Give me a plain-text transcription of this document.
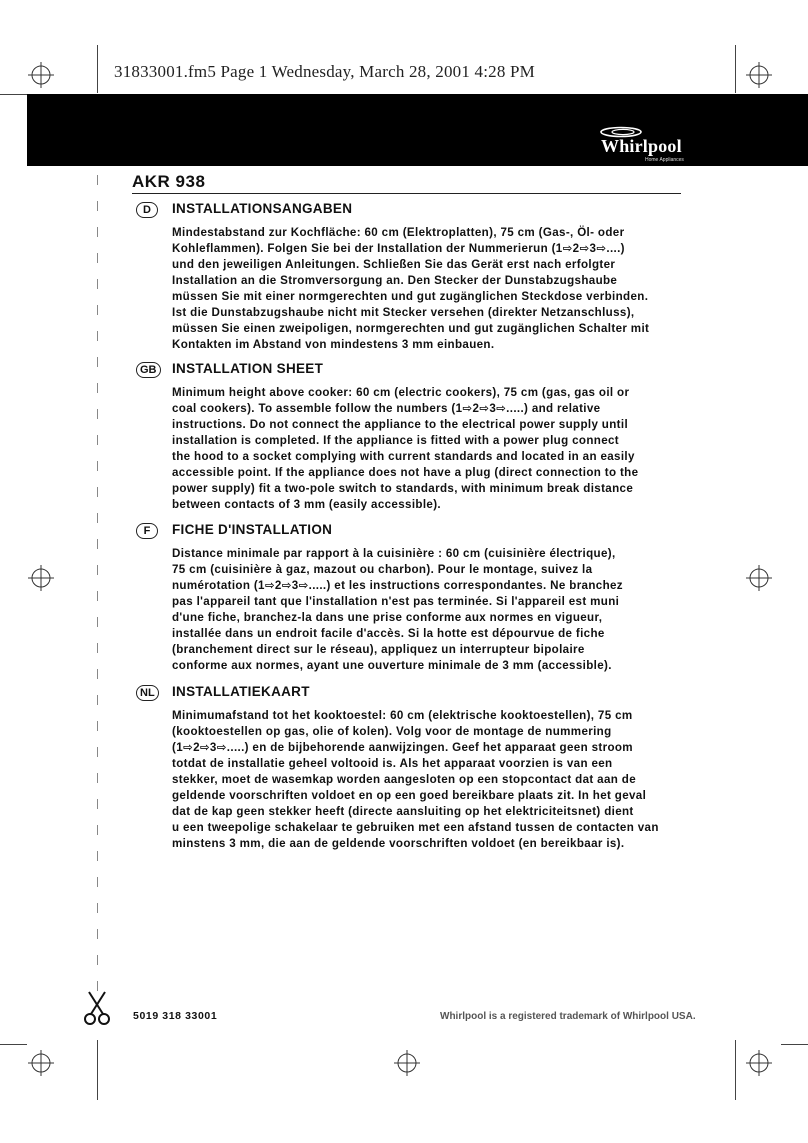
31833001.fm5 Page 1 Wednesday, March 28, 2001 4:28 PM
Whirlpool
Home Appliances
AKR 938
D	INSTALLATIONSANGABEN
Mindestabstand zur Kochfläche: 60 cm (Elektroplatten), 75 cm (Gas-, Öl- oder
Kohleflammen). Folgen Sie bei der Installation der Nummerierun (1⇨2⇨3⇨....)
und den jeweiligen Anleitungen. Schließen Sie das Gerät erst nach erfolgter
Installation an die Stromversorgung an. Den Stecker der Dunstabzugshaube
müssen Sie mit einer normgerechten und gut zugänglichen Steckdose verbinden.
Ist die Dunstabzugshaube nicht mit Stecker versehen (direkter Netzanschluss),
müssen Sie einen zweipoligen, normgerechten und gut zugänglichen Schalter mit
Kontakten im Abstand von mindestens 3 mm einbauen.
GB INSTALLATION SHEET
Minimum height above cooker: 60 cm (electric cookers), 75 cm (gas, gas oil or
coal cookers). To assemble follow the numbers (1⇨2⇨3⇨.....) and relative
instructions. Do not connect the appliance to the electrical power supply until
installation is completed. If the appliance is fitted with a power plug connect
the hood to a socket complying with current standards and located in an easily
accessible point. If the appliance does not have a plug (direct connection to the
power supply) fit a two-pole switch to standards, with minimum break distance
between contacts of 3 mm (easily accessible).
F	FICHE D'INSTALLATION
Distance minimale par rapport à la cuisinière : 60 cm (cuisinière électrique),
75 cm (cuisinière à gaz, mazout ou charbon). Pour le montage, suivez la
numérotation (1⇨2⇨3⇨.....) et les instructions correspondantes. Ne branchez
pas l'appareil tant que l'installation n'est pas terminée. Si l'appareil est muni
d'une fiche, branchez-la dans une prise conforme aux normes en vigueur,
installée dans un endroit facile d'accès. Si la hotte est dépourvue de fiche
(branchement direct sur le réseau), appliquez un interrupteur bipolaire
conforme aux normes, ayant une ouverture minimale de 3 mm (accessible).
NL INSTALLATIEKAART
Minimumafstand tot het kooktoestel: 60 cm (elektrische kooktoestellen), 75 cm
(kooktoestellen op gas, olie of kolen). Volg voor de montage de nummering
(1⇨2⇨3⇨.....) en de bijbehorende aanwijzingen. Geef het apparaat geen stroom
totdat de installatie geheel voltooid is. Als het apparaat voorzien is van een
stekker, moet de wasemkap worden aangesloten op een stopcontact dat aan de
geldende voorschriften voldoet en op een goed bereikbare plaats zit. In het geval
dat de kap geen stekker heeft (directe aansluiting op het elektriciteitsnet) dient
u een tweepolige schakelaar te gebruiken met een afstand tussen de contacten van
minstens 3 mm, die aan de geldende voorschriften voldoet (en bereikbaar is).
5019 318 33001	Whirlpool is a registered trademark of Whirlpool USA.
